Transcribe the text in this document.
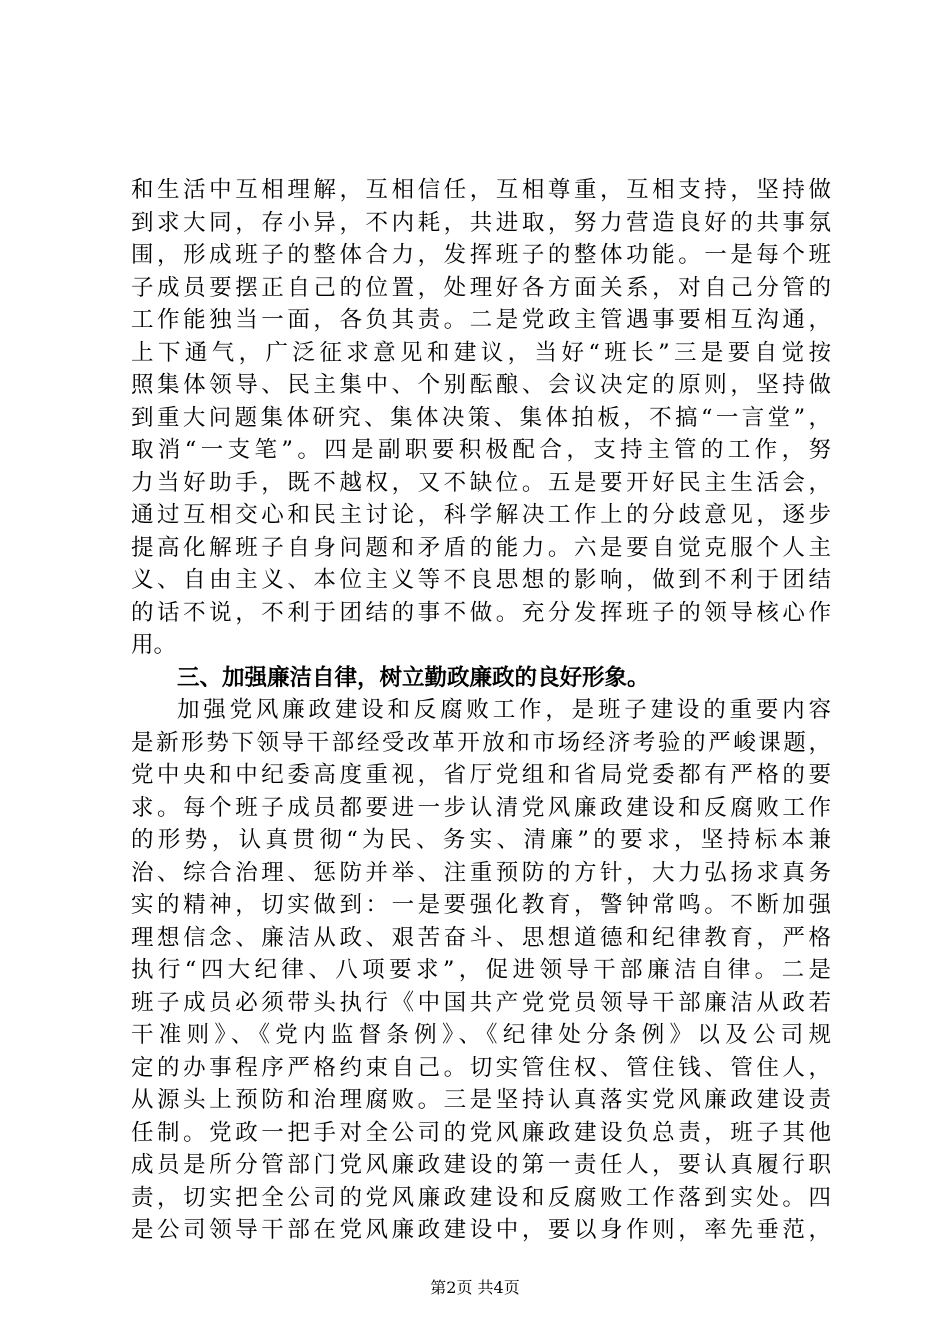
和生活中互相理解，互相信任，互相尊重，互相支持，坚持做
到求大同，存小异，不内耗，共进取，努力营造良好的共事氛
围，形成班子的整体合力，发挥班子的整体功能。一是每个班
子成员要摆正自己的位置，处理好各方面关系，对自己分管的
工作能独当一面，各负其责。二是党政主管遇事要相互沟通，
上下通气，广泛征求意见和建议，当好“班长”三是要自觉按
照集体领导、民主集中、个别酝酿、会议决定的原则，坚持做
到重大问题集体研究、集体决策、集体拍板，不搞“一言堂”，
取消“一支笔”。四是副职要积极配合，支持主管的工作，努
力当好助手，既不越权，又不缺位。五是要开好民主生活会，
通过互相交心和民主讨论，科学解决工作上的分歧意见，逐步
提高化解班子自身问题和矛盾的能力。六是要自觉克服个人主
义、自由主义、本位主义等不良思想的影响，做到不利于团结
的话不说，不利于团结的事不做。充分发挥班子的领导核心作
用。
三、加强廉洁自律，树立勤政廉政的良好形象。
加强党风廉政建设和反腐败工作，是班子建设的重要内容
是新形势下领导干部经受改革开放和市场经济考验的严峻课题，
党中央和中纪委高度重视，省厅党组和省局党委都有严格的要
求。每个班子成员都要进一步认清党风廉政建设和反腐败工作
的形势，认真贯彻“为民、务实、清廉”的要求，坚持标本兼
治、综合治理、惩防并举、注重预防的方针，大力弘扬求真务
实的精神，切实做到：一是要强化教育，警钟常鸣。不断加强
理想信念、廉洁从政、艰苦奋斗、思想道德和纪律教育，严格
执行“四大纪律、八项要求”，促进领导干部廉洁自律。二是
班子成员必须带头执行《中国共产党党员领导干部廉洁从政若
干准则》、《党内监督条例》、《纪律处分条例》以及公司规
定的办事程序严格约束自己。切实管住权、管住钱、管住人，
从源头上预防和治理腐败。三是坚持认真落实党风廉政建设责
任制。党政一把手对全公司的党风廉政建设负总责，班子其他
成员是所分管部门党风廉政建设的第一责任人，要认真履行职
责，切实把全公司的党风廉政建设和反腐败工作落到实处。四
是公司领导干部在党风廉政建设中，要以身作则，率先垂范，
第2页 共4页
